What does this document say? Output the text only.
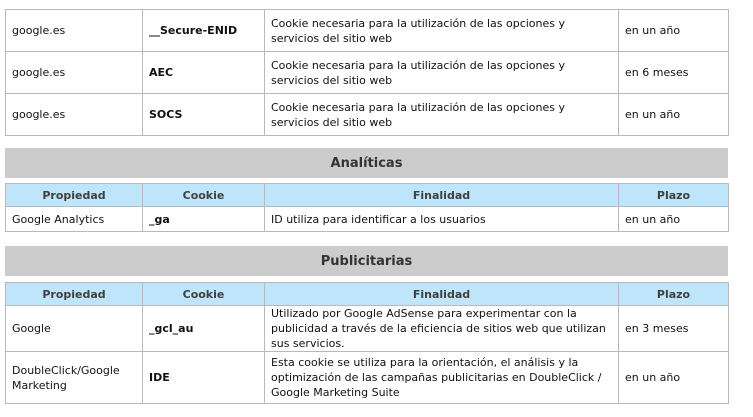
google.es	__Secure-ENID	Cookie necesaria para la utilización de las opciones y servicios del sitio web	en un año
google.es	AEC	Cookie necesaria para la utilización de las opciones y servicios del sitio web	en 6 meses
google.es	SOCS	Cookie necesaria para la utilización de las opciones y servicios del sitio web	en un año
Analíticas
Propiedad	Cookie	Finalidad	Plazo
Google Analytics	_ga	ID utiliza para identificar a los usuarios	en un año
Publicitarias
Propiedad	Cookie	Finalidad	Plazo
Google	_gcl_au	Utilizado por Google AdSense para experimentar con la publicidad a través de la eficiencia de sitios web que utilizan sus servicios.	en 3 meses
DoubleClick/Google Marketing	IDE	Esta cookie se utiliza para la orientación, el análisis y la optimización de las campañas publicitarias en DoubleClick / Google Marketing Suite	en un año
